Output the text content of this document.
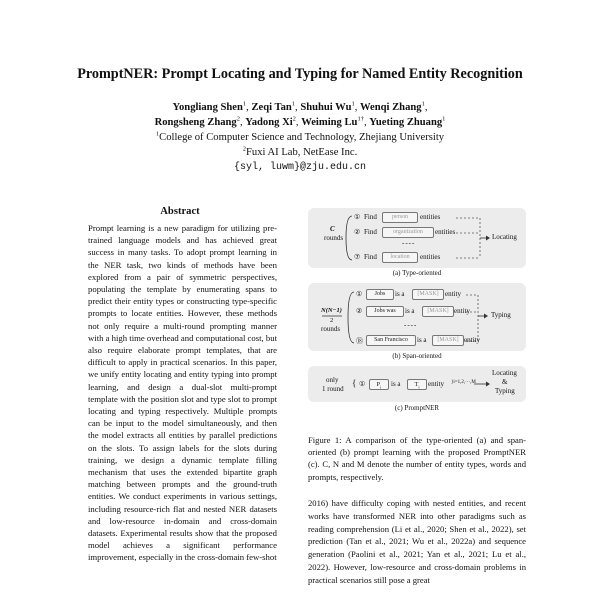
PromptNER: Prompt Locating and Typing for Named Entity Recognition
Yongliang Shen$^1$, Zeqi Tan$^1$, Shuhui Wu$^1$, Wenqi Zhang$^1$,
Rongsheng Zhang$^2$, Yadong Xi$^2$, Weiming $Lu^{1\dagger}$, Yueting Zhuang$^1$
$^1$College of Computer Science and Technology, Zhejiang University
$^2$Fuxi AI Lab, NetEase Inc.
{syl, luwm}@zju.edu.cn
Abstract

Prompt learning is a new paradigm for utilizing pre-trained language models and has achieved great success in many tasks. To adopt prompt learning in the NER task, two kinds of methods have been explored from a pair of symmetric perspectives, populating the template by enumerating spans to predict their entity types or constructing type-specific prompts to locate entities. However, these methods not only require a multi-round prompting manner with a high time overhead and computational cost, but also require elaborate prompt templates, that are difficult to apply in practical scenarios. In this paper, we unify entity locating and entity typing into prompt learning, and design a dual-slot multi-prompt template with the position slot and type slot to prompt locating and typing respectively. Multiple prompts can be input to the model simultaneously, and then the model extracts all entities by parallel predictions on the slots. To assign labels for the slots during training, we design a dynamic template filling mechanism that uses the extended bipartite graph matching between prompts and the ground-truth entities. We conduct experiments in various settings, including resource-rich flat and nested NER datasets and low-resource in-domain and cross-domain datasets. Experimental results show that the proposed model achieves a significant performance improvement, especially in the cross-domain few-shot

C
rounds
① Find	person	entities
② Find	organization	entities
----
⑦ Find	location	entities
Locating
(a) Type-oriented
N(N−1)
2
rounds
①	Jobs	is a	[MASK] entity
②	Jobs was	is a	[MASK] entity
----
⑱	San Francisco	is a	[MASK] entity
Typing
(b) Span-oriented
only
1 round
{ ①	$P_i$	is a	$T_i$	entity }i=1,2,···,M
Locating
&
Typing
(c) PromptNER

Figure 1: A comparison of the type-oriented (a) and span-oriented (b) prompt learning with the proposed PromptNER (c). C, N and M denote the number of entity types, words and prompts, respectively.

2016) have difficulty coping with nested entities, and recent works have transformed NER into other paradigms such as reading comprehension (Li et al., 2020; Shen et al., 2022), set prediction (Tan et al., 2021; Wu et al., 2022a) and sequence generation (Paolini et al., 2021; Yan et al., 2021; Lu et al., 2022). However, low-resource and cross-domain problems in practical scenarios still pose a great
